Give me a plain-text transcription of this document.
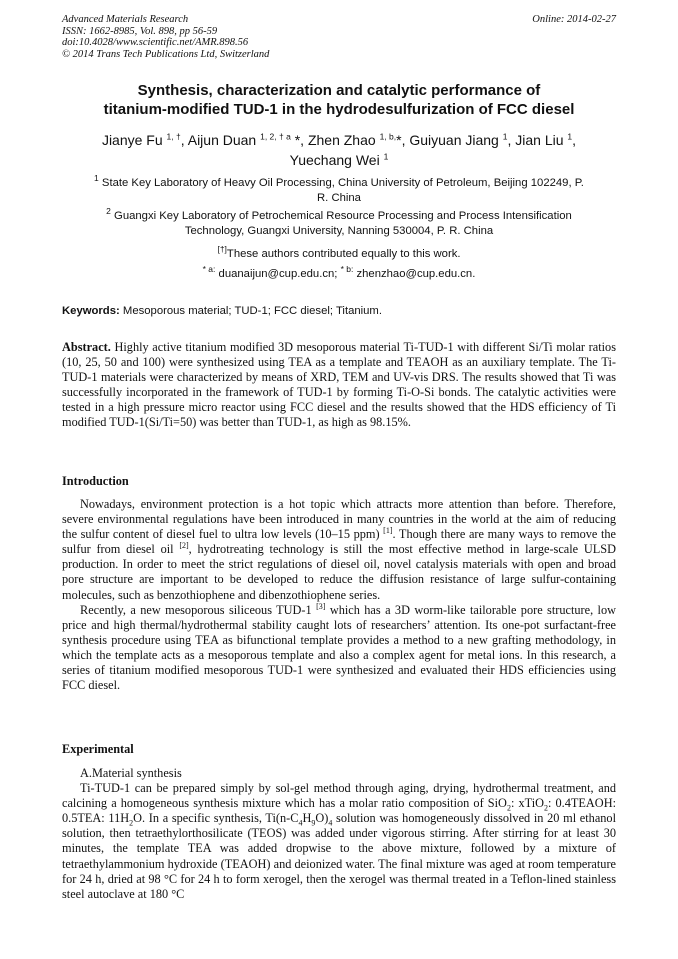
Advanced Materials Research
ISSN: 1662-8985, Vol. 898, pp 56-59
doi:10.4028/www.scientific.net/AMR.898.56
© 2014 Trans Tech Publications Ltd, Switzerland
Online: 2014-02-27
Synthesis, characterization and catalytic performance of
titanium-modified TUD-1 in the hydrodesulfurization of FCC diesel
Jianye Fu $^{1, \dagger}$, Aijun Duan $^{1, 2, \dagger a}$ *, Zhen Zhao $^{1, b,}$*, Guiyuan Jiang $^1$, Jian Liu $^1$,
Yuechang Wei $^1$
$^1$ State Key Laboratory of Heavy Oil Processing, China University of Petroleum, Beijing 102249, P.
R. China
$^2$ Guangxi Key Laboratory of Petrochemical Resource Processing and Process Intensification
Technology, Guangxi University, Nanning 530004, P. R. China
[†]These authors contributed equally to this work.
$^{* a:}$ duanaijun@cup.edu.cn; $^{* b:}$ zhenzhao@cup.edu.cn.
Keywords: Mesoporous material; TUD-1; FCC diesel; Titanium.

Abstract. Highly active titanium modified 3D mesoporous material Ti-TUD-1 with different Si/Ti molar ratios (10, 25, 50 and 100) were synthesized using TEA as a template and TEAOH as an auxiliary template. The Ti-TUD-1 materials were characterized by means of XRD, TEM and UV-vis DRS. The results showed that Ti was successfully incorporated in the framework of TUD-1 by forming Ti-O-Si bonds. The catalytic activities were tested in a high pressure micro reactor using FCC diesel and the results showed that the HDS efficiency of Ti modified TUD-1(Si/Ti=50) was better than TUD-1, as high as 98.15%.

Introduction

Nowadays, environment protection is a hot topic which attracts more attention than before. Therefore, severe environmental regulations have been introduced in many countries in the world at the aim of reducing the sulfur content of diesel fuel to ultra low levels (10–15 ppm) [1]. Though there are many ways to remove the sulfur from diesel oil [2], hydrotreating technology is still the most effective method in large-scale ULSD production. In order to meet the strict regulations of diesel oil, novel catalysis materials with open and broad pore structure are important to be developed to reduce the diffusion resistance of large sulfur-containing molecules, such as benzothiophene and dibenzothiophene series.

Recently, a new mesoporous siliceous TUD-1 [3] which has a 3D worm-like tailorable pore structure, low price and high thermal/hydrothermal stability caught lots of researchers’ attention. Its one-pot surfactant-free synthesis procedure using TEA as bifunctional template provides a method to a new grafting methodology, in which the template acts as a mesoporous template and also a complex agent for metal ions. In this research, a series of titanium modified mesoporous TUD-1 were synthesized and evaluated their HDS efficiencies using FCC diesel.

Experimental

A.Material synthesis

Ti-TUD-1 can be prepared simply by sol-gel method through aging, drying, hydrothermal treatment, and calcining a homogeneous synthesis mixture which has a molar ratio composition of SiO$_2$: xTiO$_2$: 0.4TEAOH: 0.5TEA: $11H_2O$. In a specific synthesis, $Ti(n-C_4H_9O)_4$ solution was homogeneously dissolved in 20 ml ethanol solution, then tetraethylorthosilicate (TEOS) was added under vigorous stirring. After stirring for at least 30 minutes, the template TEA was added dropwise to the above mixture, followed by a mixture of tetraethylammonium hydroxide (TEAOH) and deionized water. The final mixture was aged at room temperature for 24 h, dried at 98 °C for 24 h to form xerogel, then the xerogel was thermal treated in a Teflon-lined stainless steel autoclave at 180 °C
